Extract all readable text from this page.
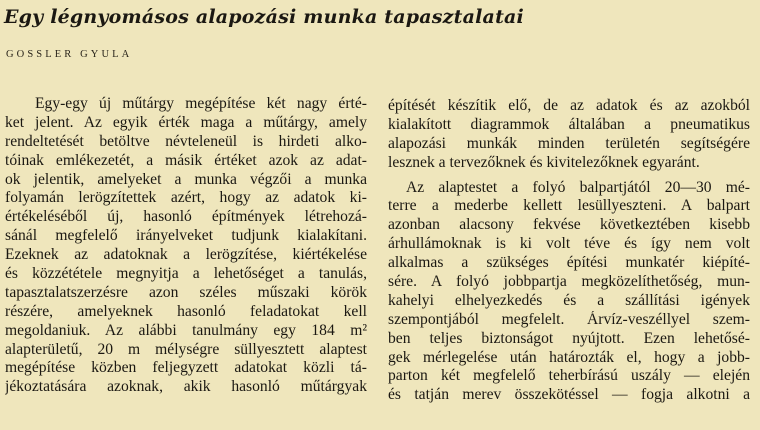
Egy légnyomásos alapozási munka tapasztalatai
GOSSLER GYULA
Egy-egy új műtárgy megépítése két nagy érté-
ket jelent. Az egyik érték maga a műtárgy, amely
rendeltetését betöltve névteleneül is hirdeti alko-
tóinak emlékezetét, a másik értéket azok az adat-
ok jelentik, amelyeket a munka végzői a munka
folyamán lerögzítettek azért, hogy az adatok ki-
értékeléséből új, hasonló építmények létrehozá-
sánál megfelelő irányelveket tudjunk kialakítani.
Ezeknek az adatoknak a lerögzítése, kiértékelése
és közzététele megnyitja a lehetőséget a tanulás,
tapasztalatszerzésre azon széles műszaki körök
részére, amelyeknek hasonló feladatokat kell
megoldaniuk. Az alábbi tanulmány egy 184 m²
alapterületű, 20 m mélységre süllyesztett alaptest
megépítése közben feljegyzett adatokat közli tá-
jékoztatására azoknak, akik hasonló műtárgyak
építését készítik elő, de az adatok és az azokból
kialakított diagrammok általában a pneumatikus
alapozási munkák minden területén segítségére
lesznek a tervezőknek és kivitelezőknek egyaránt.
Az alaptestet a folyó balpartjától 20—30 mé-
terre a mederbe kellett lesüllyeszteni. A balpart
azonban alacsony fekvése következtében kisebb
árhullámoknak is ki volt téve és így nem volt
alkalmas a szükséges építési munkatér kiépíté-
sére. A folyó jobbpartja megközelíthetőség, mun-
kahelyi elhelyezkedés és a szállítási igények
szempontjából megfelelt. Árvíz-veszéllyel szem-
ben teljes biztonságot nyújtott. Ezen lehetősé-
gek mérlegelése után határozták el, hogy a jobb-
parton két megfelelő teherbírású uszály — elején
és tatján merev összekötéssel — fogja alkotni a
